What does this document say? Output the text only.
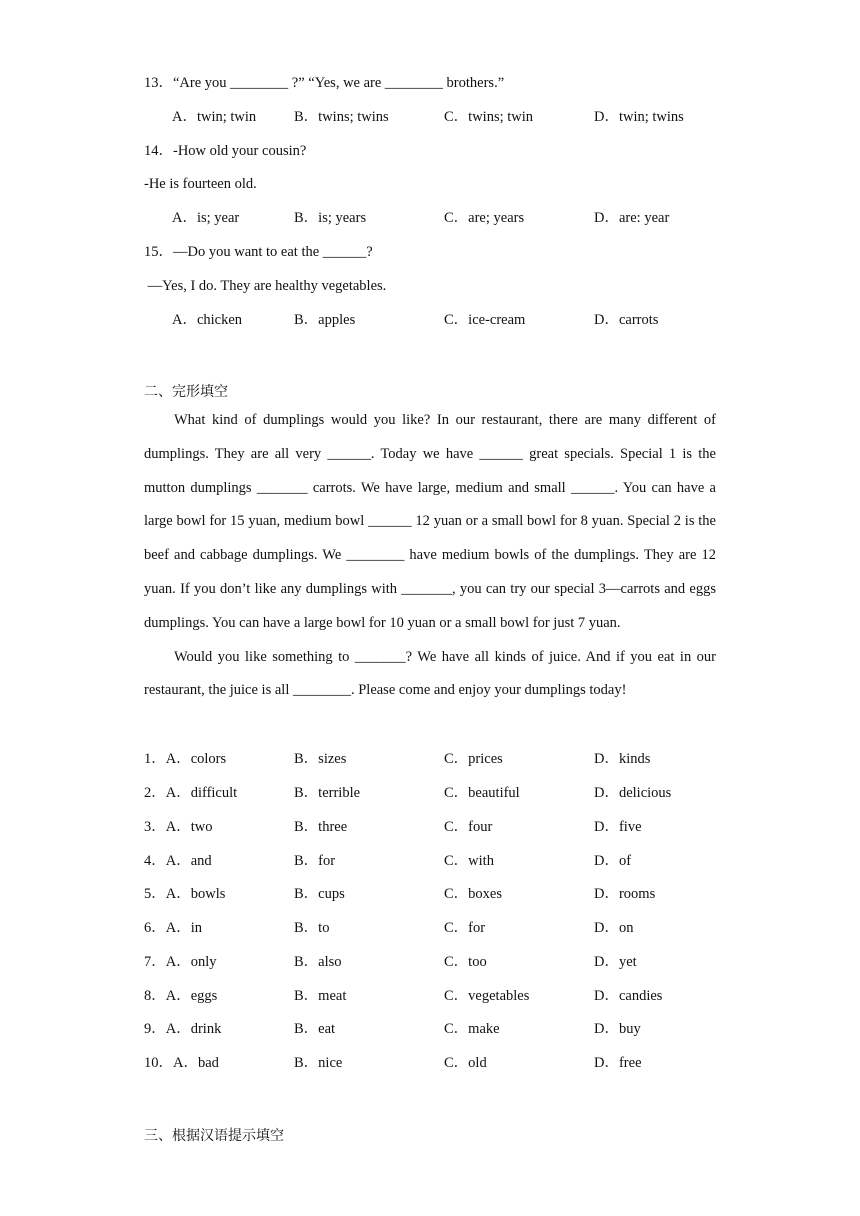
13．“Are you ________ ?” “Yes, we are ________ brothers.”
A．twin; twin	B．twins; twins	C．twins; twin	D．twin; twins
14．-How old your cousin?
-He is fourteen old.
A．is; year	B．is; years	C．are; years	D．are: year
15．—Do you want to eat the ______?
—Yes, I do. They are healthy vegetables.
A．chicken	B．apples	C．ice-cream	D．carrots
二、完形填空

What kind of dumplings would you like? In our restaurant, there are many different of dumplings. They are all very ______. Today we have ______ great specials. Special 1 is the mutton dumplings _______ carrots. We have large, medium and small ______. You can have a large bowl for 15 yuan, medium bowl ______ 12 yuan or a small bowl for 8 yuan. Special 2 is the beef and cabbage dumplings. We ________ have medium bowls of the dumplings. They are 12 yuan. If you don’t like any dumplings with _______, you can try our special 3—carrots and eggs dumplings. You can have a large bowl for 10 yuan or a small bowl for just 7 yuan.

Would you like something to _______? We have all kinds of juice. And if you eat in our restaurant, the juice is all ________. Please come and enjoy your dumplings today!

1．A．colors	B．sizes	C．prices	D．kinds
2．A．difficult	B．terrible	C．beautiful	D．delicious
3．A．two	B．three	C．four	D．five
4．A．and	B．for	C．with	D．of
5．A．bowls	B．cups	C．boxes	D．rooms
6．A．in	B．to	C．for	D．on
7．A．only	B．also	C．too	D．yet
8．A．eggs	B．meat	C．vegetables	D．candies
9．A．drink	B．eat	C．make	D．buy
10．A．bad	B．nice	C．old	D．free
三、根据汉语提示填空
